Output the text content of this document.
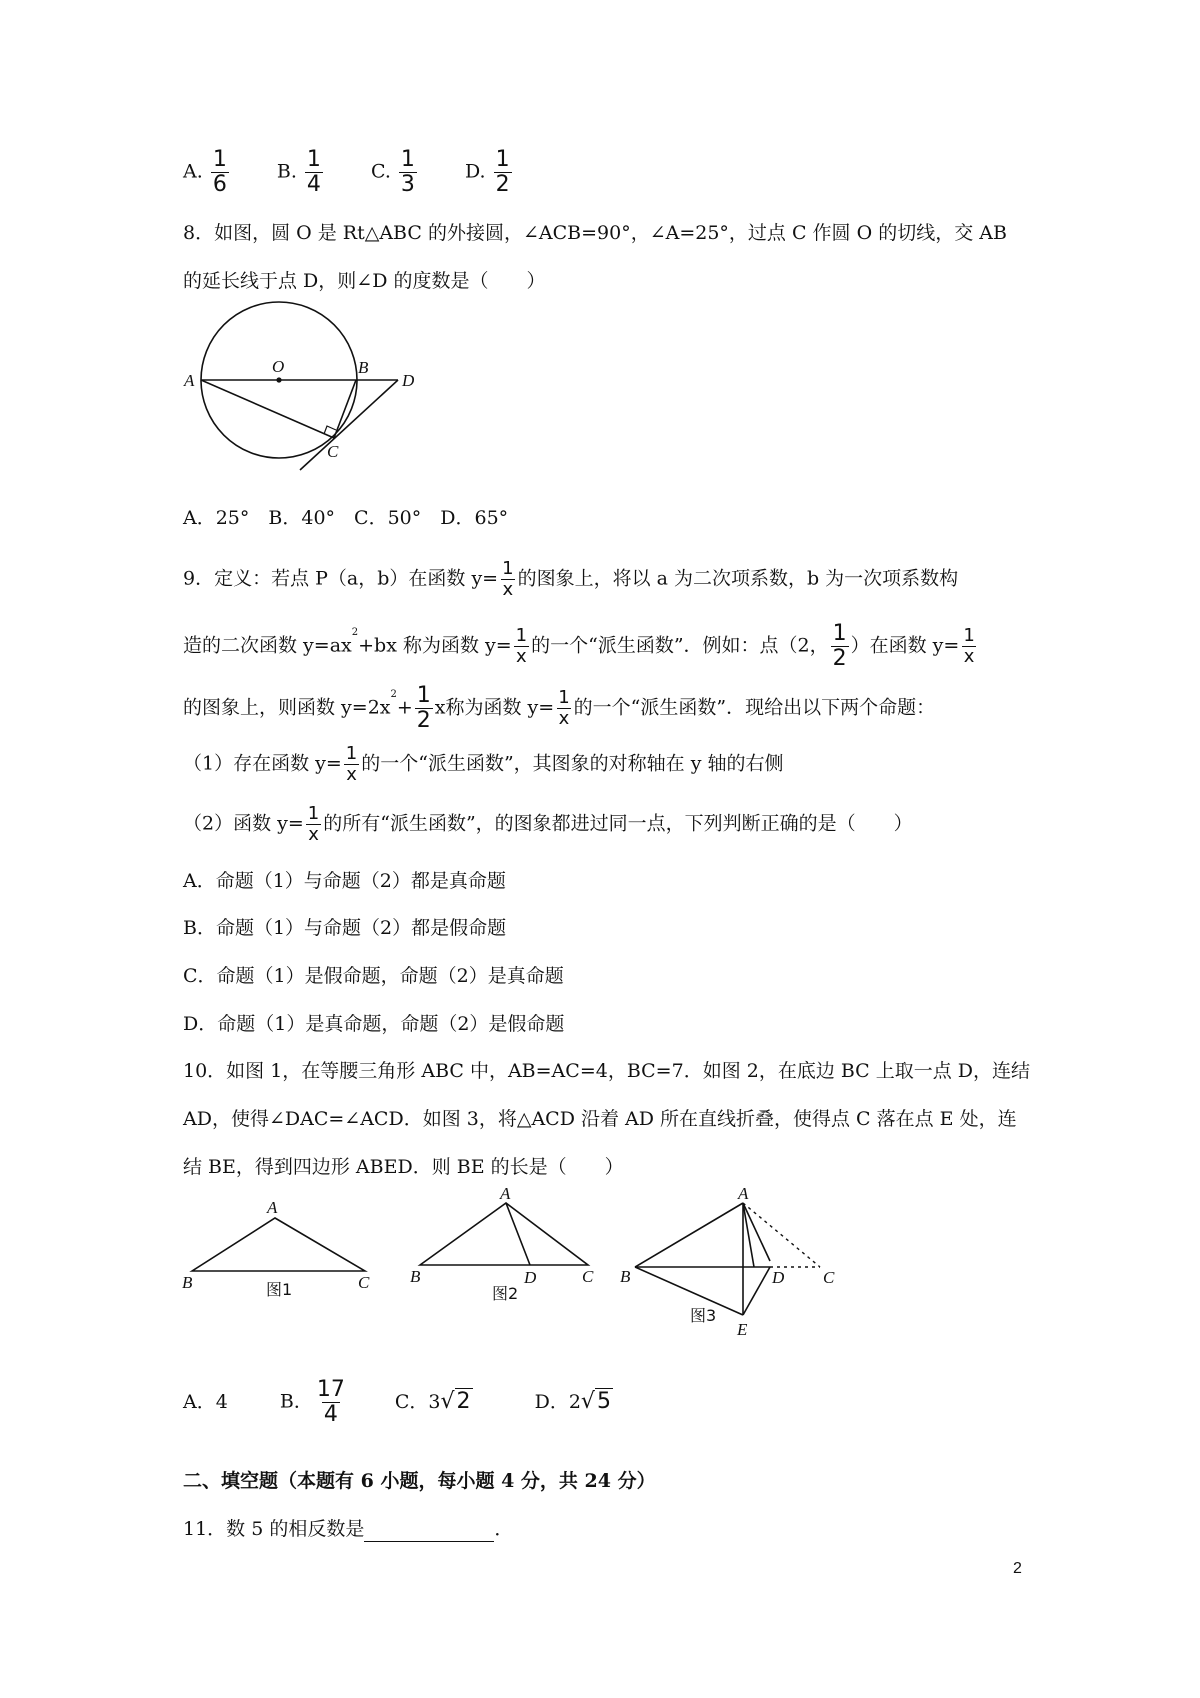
A. $\frac{1}{6}$	B. $\frac{1}{4}$	C. $\frac{1}{3}$	D. $\frac{1}{2}$
8．如图，圆 O 是 Rt△ABC 的外接圆，∠ACB=90°，∠A=25°，过点 C 作圆 O 的切线，交 AB
的延长线于点 D，则∠D 的度数是（　　）
A
O	B
D
C
A．25°　B．40°　C．50°　D．65°
9．定义：若点 P（a，b）在函数 $y= \frac{1}{x}$ 的图象上，将以 a 为二次项系数，b 为一次项系数构
造的二次函数 $y=ax^2+bx$ 称为函数 $y= \frac{1}{x}$ 的一个“派生函数”．例如：点（2， $\frac{1}{2}$ ）在函数 $y= \frac{1}{x}$
的图象上，则函数 $y=2x^2+ \frac{1}{2}$ x称为函数 $y= \frac{1}{x}$ 的一个“派生函数”．现给出以下两个命题：
（1）存在函数 $y= \frac{1}{x}$ 的一个“派生函数”，其图象的对称轴在 y 轴的右侧
（2）函数 $y= \frac{1}{x}$ 的所有“派生函数”，的图象都进过同一点，下列判断正确的是（　　）
A．命题（1）与命题（2）都是真命题
B．命题（1）与命题（2）都是假命题
C．命题（1）是假命题，命题（2）是真命题
D．命题（1）是真命题，命题（2）是假命题
10．如图 1，在等腰三角形 ABC 中，AB=AC=4，BC=7．如图 2，在底边 BC 上取一点 D，连结
AD，使得∠DAC=∠ACD．如图 3，将△ACD 沿着 AD 所在直线折叠，使得点 C 落在点 E 处，连
结 BE，得到四边形 ABED．则 BE 的长是（　　）
A
B	C
图1
A
B	D	C
图2
A
B	D C
E
图3
A．4	B． $\frac{17}{4}$	C．3√2	D．2√5
二、填空题（本题有 6 小题，每小题 4 分，共 24 分）
11．数 5 的相反数是	．
2
